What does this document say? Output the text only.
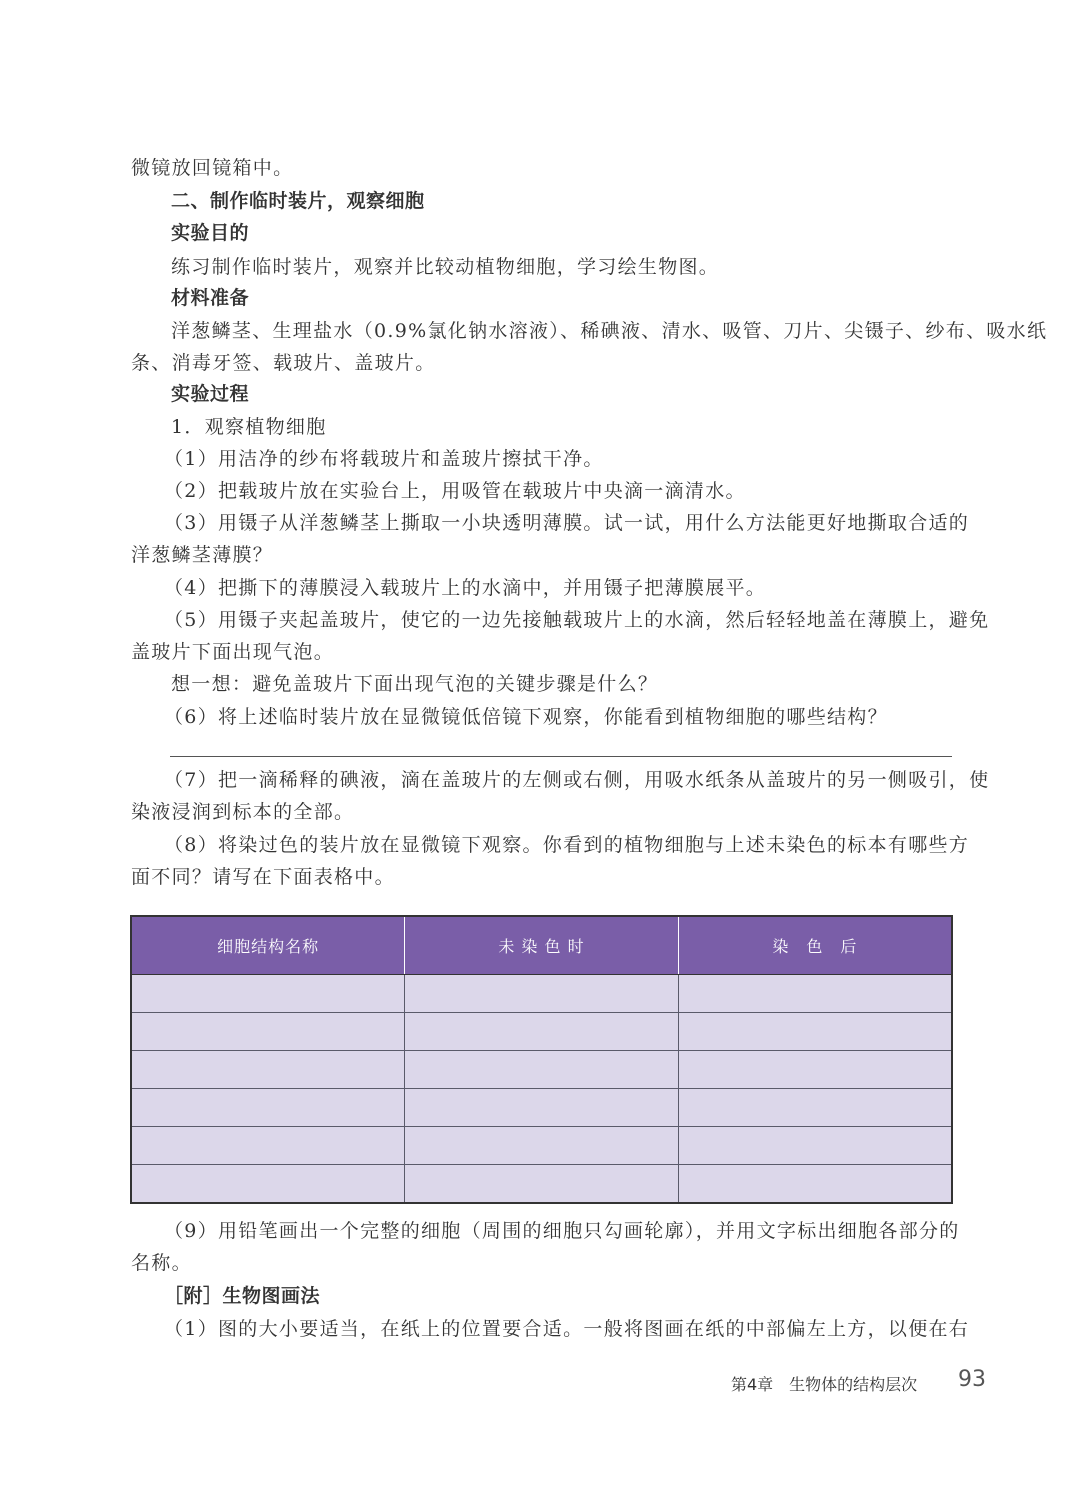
微镜放回镜箱中。

二、制作临时装片，观察细胞

实验目的

练习制作临时装片，观察并比较动植物细胞，学习绘生物图。

材料准备

洋葱鳞茎、生理盐水（0.9%氯化钠水溶液）、稀碘液、清水、吸管、刀片、尖镊子、纱布、吸水纸

条、消毒牙签、载玻片、盖玻片。

实验过程

1．观察植物细胞

（1）用洁净的纱布将载玻片和盖玻片擦拭干净。

（2）把载玻片放在实验台上，用吸管在载玻片中央滴一滴清水。

（3）用镊子从洋葱鳞茎上撕取一小块透明薄膜。试一试，用什么方法能更好地撕取合适的

洋葱鳞茎薄膜？

（4）把撕下的薄膜浸入载玻片上的水滴中，并用镊子把薄膜展平。

（5）用镊子夹起盖玻片，使它的一边先接触载玻片上的水滴，然后轻轻地盖在薄膜上，避免

盖玻片下面出现气泡。

想一想：避免盖玻片下面出现气泡的关键步骤是什么？

（6）将上述临时装片放在显微镜低倍镜下观察，你能看到植物细胞的哪些结构？

（7）把一滴稀释的碘液，滴在盖玻片的左侧或右侧，用吸水纸条从盖玻片的另一侧吸引，使

染液浸润到标本的全部。

（8）将染过色的装片放在显微镜下观察。你看到的植物细胞与上述未染色的标本有哪些方

面不同？请写在下面表格中。

细胞结构名称	未 染 色 时	染　色　后

（9）用铅笔画出一个完整的细胞（周围的细胞只勾画轮廓），并用文字标出细胞各部分的

名称。

［附］生物图画法

（1）图的大小要适当，在纸上的位置要合适。一般将图画在纸的中部偏左上方，以便在右

第4章　生物体的结构层次 93
